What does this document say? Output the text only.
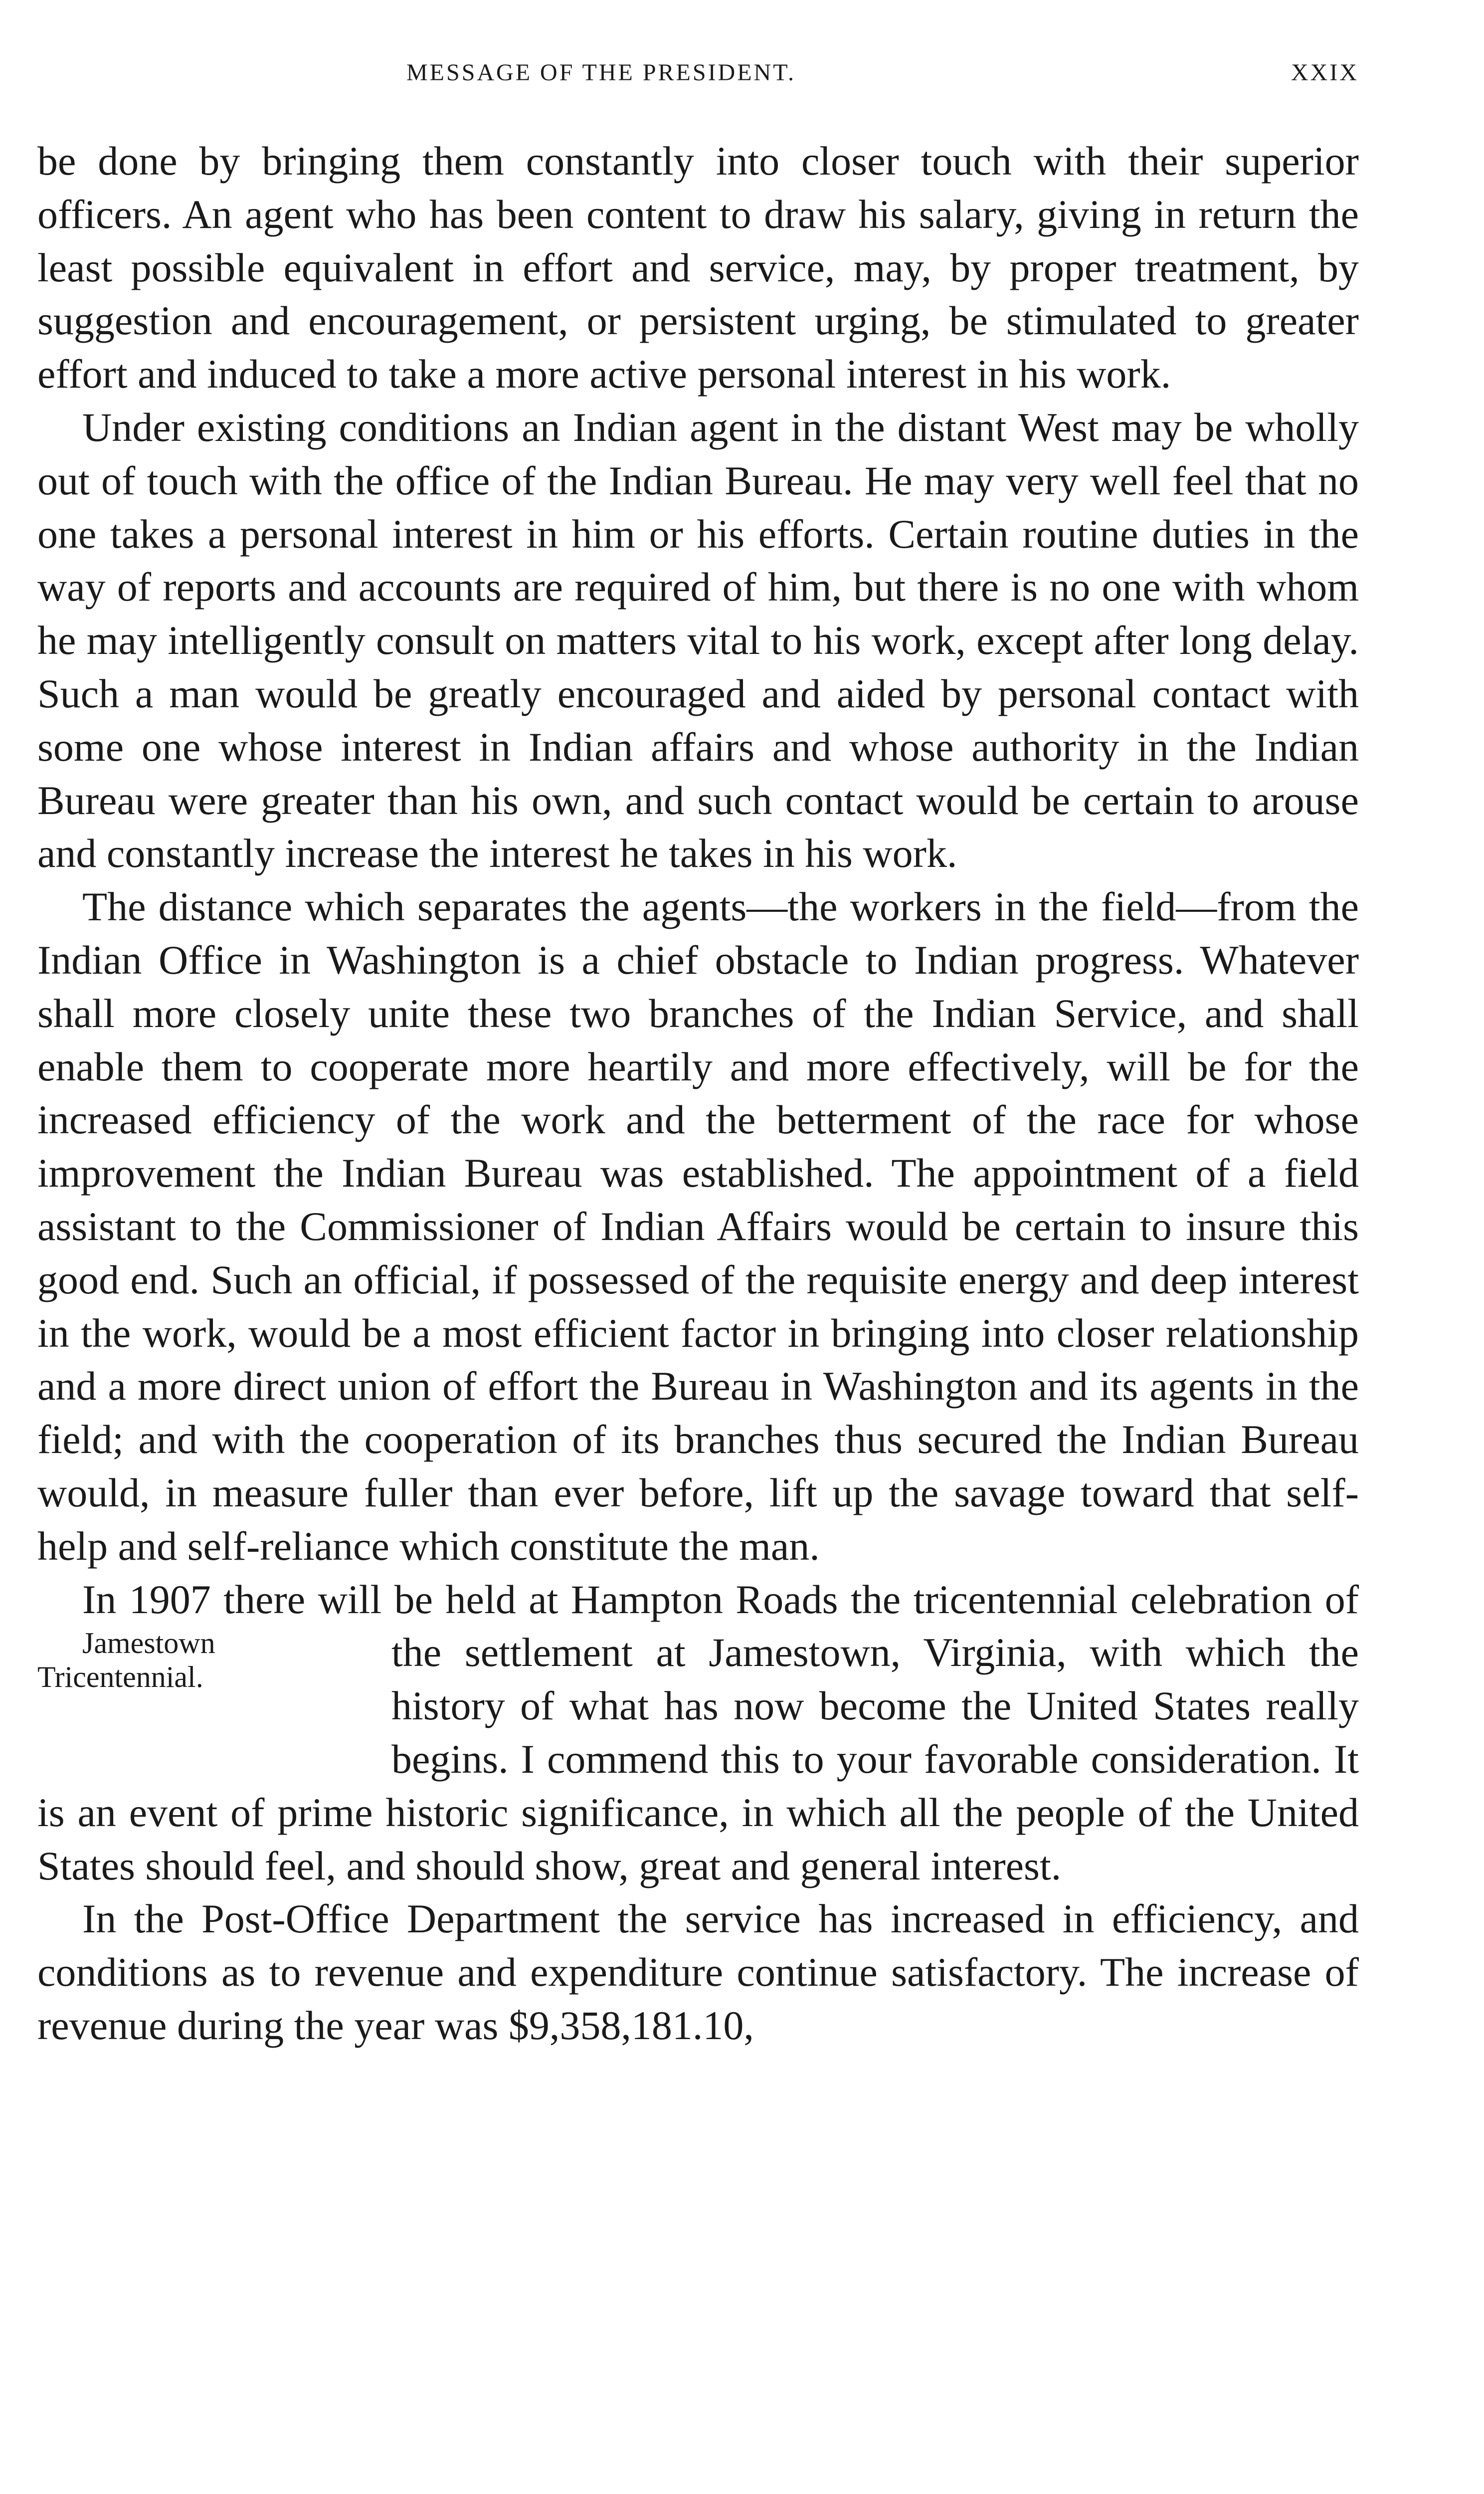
MESSAGE OF THE PRESIDENT.	XXIX

be done by bringing them constantly into closer touch with their superior officers. An agent who has been content to draw his salary, giving in return the least possible equivalent in effort and service, may, by proper treatment, by suggestion and encouragement, or persistent urging, be stimulated to greater effort and induced to take a more active personal interest in his work.

Under existing conditions an Indian agent in the distant West may be wholly out of touch with the office of the Indian Bureau. He may very well feel that no one takes a personal interest in him or his efforts. Certain routine duties in the way of reports and accounts are required of him, but there is no one with whom he may intelligently consult on matters vital to his work, except after long delay. Such a man would be greatly encouraged and aided by personal contact with some one whose interest in Indian affairs and whose authority in the Indian Bureau were greater than his own, and such contact would be certain to arouse and constantly increase the interest he takes in his work.

The distance which separates the agents—the workers in the field—from the Indian Office in Washington is a chief obstacle to Indian progress. Whatever shall more closely unite these two branches of the Indian Service, and shall enable them to cooperate more heartily and more effectively, will be for the increased efficiency of the work and the betterment of the race for whose improvement the Indian Bureau was established. The appointment of a field assistant to the Commissioner of Indian Affairs would be certain to insure this good end. Such an official, if possessed of the requisite energy and deep interest in the work, would be a most efficient factor in bringing into closer relationship and a more direct union of effort the Bureau in Washington and its agents in the field; and with the cooperation of its branches thus secured the Indian Bureau would, in measure fuller than ever before, lift up the savage toward that self-help and self-reliance which constitute the man.

In 1907 there will be held at Hampton Roads the tricentennial celebration of the settlement at Jamestown, Virginia, with which
Jamestown
Tricentennial.
the history of what has now become the United States really begins. I commend this to your favorable consideration. It is an event of prime historic significance, in which all the people of the United States should feel, and should show, great and general interest.

In the Post-Office Department the service has increased in efficiency, and conditions as to revenue and expenditure continue satisfactory. The increase of revenue during the year was $9,358,181.10,
